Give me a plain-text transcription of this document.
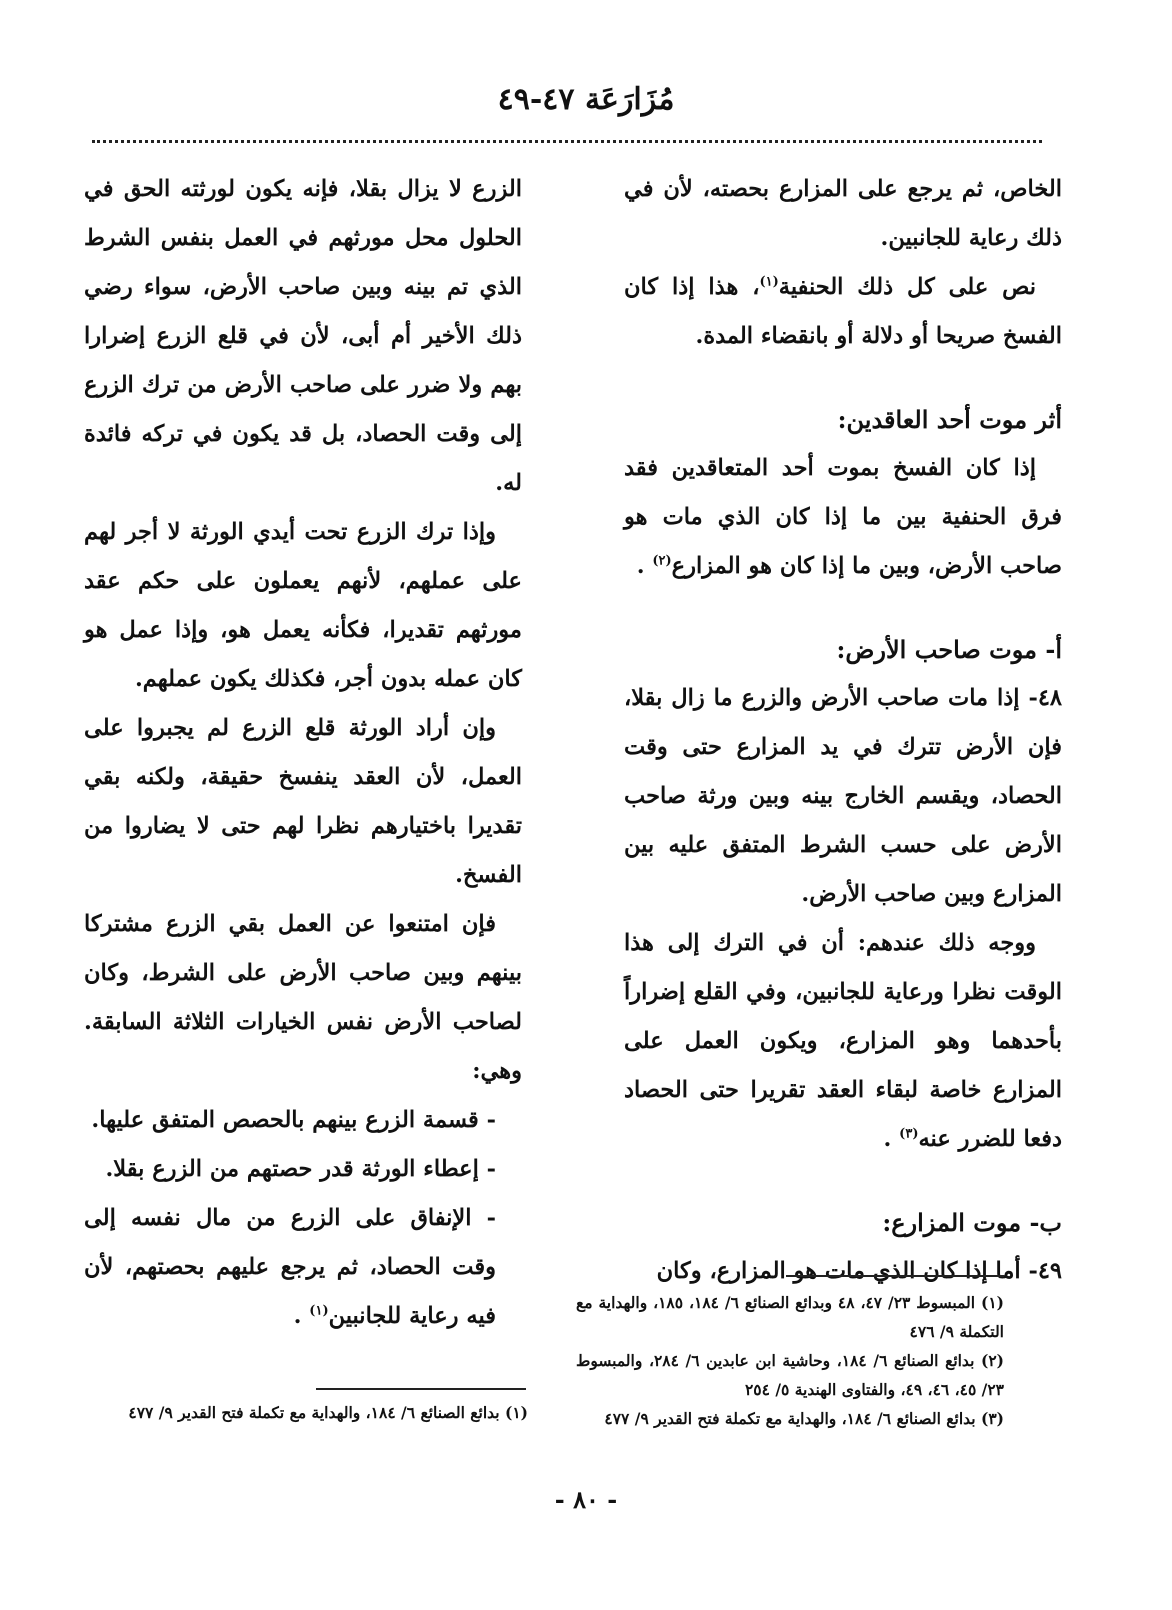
مُزَارَعَة ٤٧-٤٩

الخاص، ثم يرجع على المزارع بحصته، لأن في ذلك رعاية للجانبين.

نص على كل ذلك الحنفية$^{(١)}$، هذا إذا كان الفسخ صريحا أو دلالة أو بانقضاء المدة.

أثر موت أحد العاقدين:

إذا كان الفسخ بموت أحد المتعاقدين فقد فرق الحنفية بين ما إذا كان الذي مات هو صاحب الأرض، وبين ما إذا كان هو المزارع$^{(٢)}$ .

أ- موت صاحب الأرض:

٤٨- إذا مات صاحب الأرض والزرع ما زال بقلا، فإن الأرض تترك في يد المزارع حتى وقت الحصاد، ويقسم الخارج بينه وبين ورثة صاحب الأرض على حسب الشرط المتفق عليه بين المزارع وبين صاحب الأرض.

ووجه ذلك عندهم: أن في الترك إلى هذا الوقت نظرا ورعاية للجانبين، وفي القلع إضراراً بأحدهما وهو المزارع، ويكون العمل على المزارع خاصة لبقاء العقد تقريرا حتى الحصاد دفعا للضرر عنه$^{(٣)}$ .

ب- موت المزارع:

٤٩- أما إذا كان الذي مات هو المزارع، وكان

الزرع لا يزال بقلا، فإنه يكون لورثته الحق في الحلول محل مورثهم في العمل بنفس الشرط الذي تم بينه وبين صاحب الأرض، سواء رضي ذلك الأخير أم أبى، لأن في قلع الزرع إضرارا بهم ولا ضرر على صاحب الأرض من ترك الزرع إلى وقت الحصاد، بل قد يكون في تركه فائدة له.

وإذا ترك الزرع تحت أيدي الورثة لا أجر لهم على عملهم، لأنهم يعملون على حكم عقد مورثهم تقديرا، فكأنه يعمل هو، وإذا عمل هو كان عمله بدون أجر، فكذلك يكون عملهم.

وإن أراد الورثة قلع الزرع لم يجبروا على العمل، لأن العقد ينفسخ حقيقة، ولكنه بقي تقديرا باختيارهم نظرا لهم حتى لا يضاروا من الفسخ.

فإن امتنعوا عن العمل بقي الزرع مشتركا بينهم وبين صاحب الأرض على الشرط، وكان لصاحب الأرض نفس الخيارات الثلاثة السابقة. وهي:

- قسمة الزرع بينهم بالحصص المتفق عليها.

- إعطاء الورثة قدر حصتهم من الزرع بقلا.

- الإنفاق على الزرع من مال نفسه إلى وقت الحصاد، ثم يرجع عليهم بحصتهم، لأن فيه رعاية للجانبين$^{(١)}$ .

(١) المبسوط ٢٣/ ٤٧، ٤٨ وبدائع الصنائع ٦/ ١٨٤، ١٨٥، والهداية مع التكملة ٩/ ٤٧٦

(٢) بدائع الصنائع ٦/ ١٨٤، وحاشية ابن عابدين ٦/ ٢٨٤، والمبسوط ٢٣/ ٤٥، ٤٦، ٤٩، والفتاوى الهندية ٥/ ٢٥٤

(٣) بدائع الصنائع ٦/ ١٨٤، والهداية مع تكملة فتح القدير ٩/ ٤٧٧

(١) بدائع الصنائع ٦/ ١٨٤، والهداية مع تكملة فتح القدير ٩/ ٤٧٧

- ٨٠ -
